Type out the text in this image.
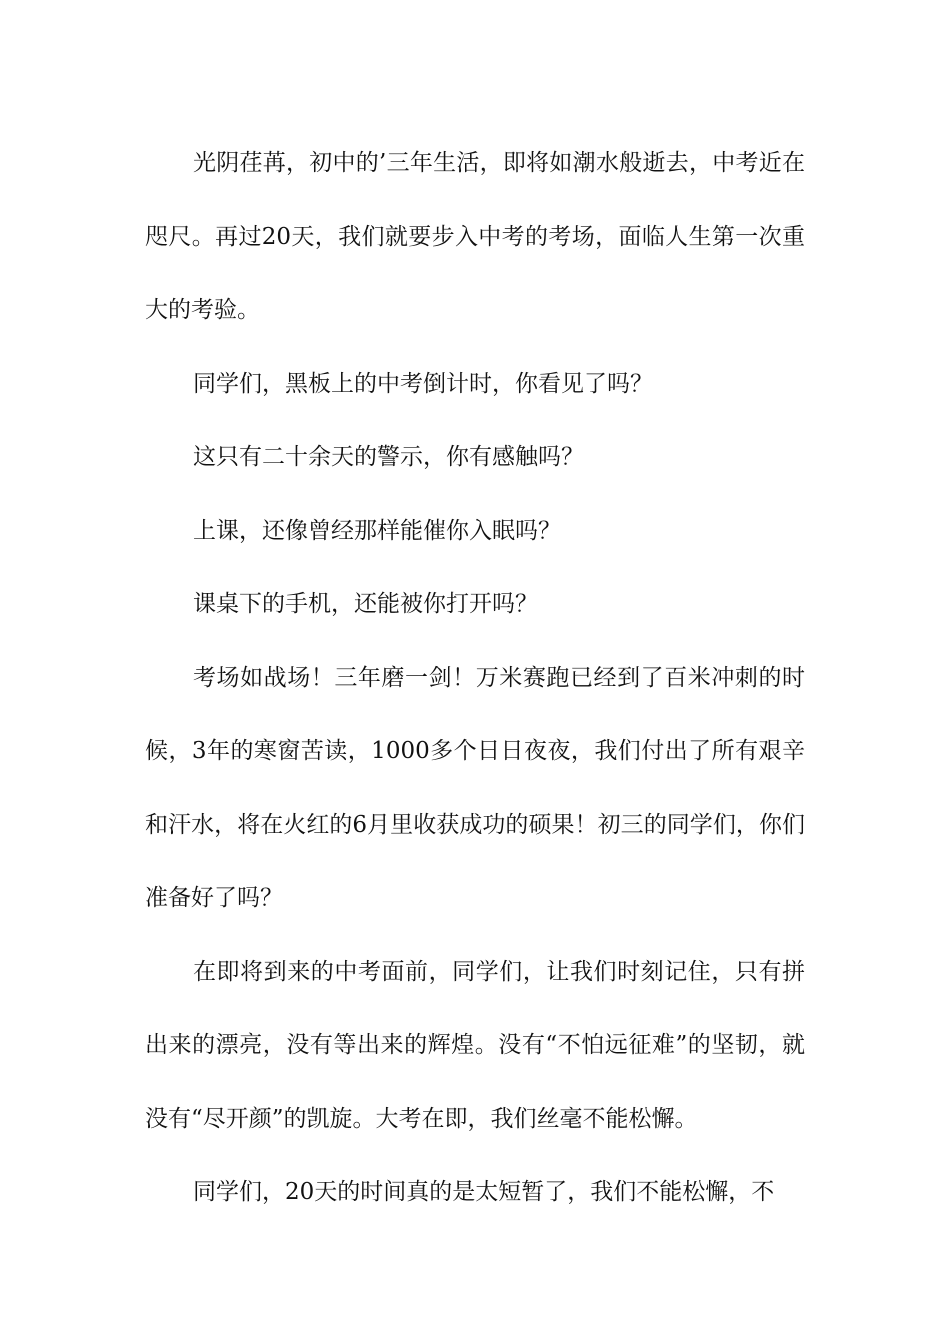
光阴荏苒，初中的’三年生活，即将如潮水般逝去，中考近在咫尺。再过20天，我们就要步入中考的考场，面临人生第一次重大的考验。

同学们，黑板上的中考倒计时，你看见了吗？

这只有二十余天的警示，你有感触吗？

上课，还像曾经那样能催你入眠吗？

课桌下的手机，还能被你打开吗？

考场如战场！三年磨一剑！万米赛跑已经到了百米冲刺的时候，3年的寒窗苦读，1000多个日日夜夜，我们付出了所有艰辛和汗水，将在火红的6月里收获成功的硕果！初三的同学们，你们准备好了吗？

在即将到来的中考面前，同学们，让我们时刻记住，只有拼出来的漂亮，没有等出来的辉煌。没有“不怕远征难”的坚韧，就没有“尽开颜”的凯旋。大考在即，我们丝毫不能松懈。

同学们，20天的时间真的是太短暂了，我们不能松懈，不
